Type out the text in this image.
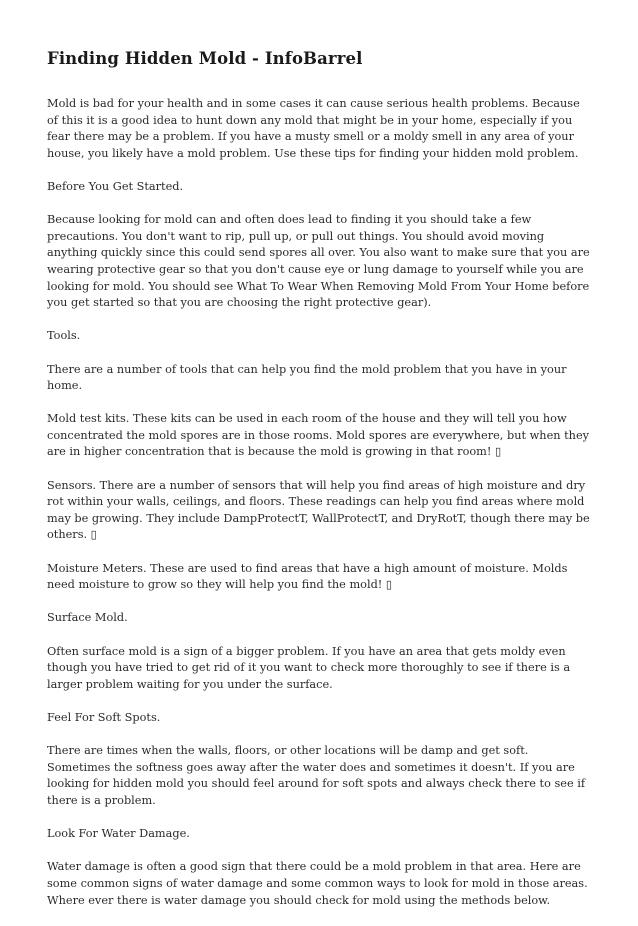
Finding Hidden Mold - InfoBarrel

Mold is bad for your health and in some cases it can cause serious health problems. Because of this it is a good idea to hunt down any mold that might be in your home, especially if you fear there may be a problem. If you have a musty smell or a moldy smell in any area of your house, you likely have a mold problem. Use these tips for finding your hidden mold problem.

Before You Get Started.

Because looking for mold can and often does lead to finding it you should take a few precautions. You don't want to rip, pull up, or pull out things. You should avoid moving anything quickly since this could send spores all over. You also want to make sure that you are wearing protective gear so that you don't cause eye or lung damage to yourself while you are looking for mold. You should see What To Wear When Removing Mold From Your Home before you get started so that you are choosing the right protective gear).

Tools.

There are a number of tools that can help you find the mold problem that you have in your home.

Mold test kits. These kits can be used in each room of the house and they will tell you how concentrated the mold spores are in those rooms. Mold spores are everywhere, but when they are in higher concentration that is because the mold is growing in that room! ▯

Sensors. There are a number of sensors that will help you find areas of high moisture and dry rot within your walls, ceilings, and floors. These readings can help you find areas where mold may be growing. They include DampProtectT, WallProtectT, and DryRotT, though there may be others. ▯

Moisture Meters. These are used to find areas that have a high amount of moisture. Molds need moisture to grow so they will help you find the mold! ▯

Surface Mold.

Often surface mold is a sign of a bigger problem. If you have an area that gets moldy even though you have tried to get rid of it you want to check more thoroughly to see if there is a larger problem waiting for you under the surface.

Feel For Soft Spots.

There are times when the walls, floors, or other locations will be damp and get soft. Sometimes the softness goes away after the water does and sometimes it doesn't. If you are looking for hidden mold you should feel around for soft spots and always check there to see if there is a problem.

Look For Water Damage.

Water damage is often a good sign that there could be a mold problem in that area. Here are some common signs of water damage and some common ways to look for mold in those areas. Where ever there is water damage you should check for mold using the methods below.
